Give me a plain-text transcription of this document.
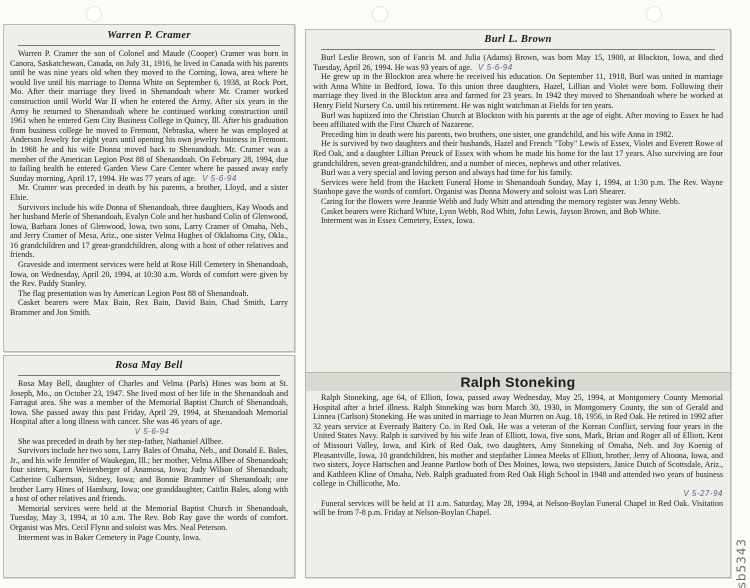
Warren P. Cramer

Warren P. Cramer the son of Colonel and Maude (Cooper) Cramer was born in Canora, Saskatchewan, Canada, on July 31, 1916, he lived in Canada with his parents until he was nine years old when they moved to the Corning, Iowa, area where he would live until his marriage to Donna White on September 6, 1938, at Rock Port, Mo. After their marriage they lived in Shenandoah where Mr. Cramer worked construction until World War II when he entered the Army. After six years in the Army he returned to Shenandoah where he continued working construction until 1961 when he entered Gem City Business College in Quincy, Ill. After his graduation from business college he moved to Fremont, Nebraska, where he was employed at Anderson Jewelry for eight years until opening his own jewelry business in Fremont. In 1968 he and his wife Donna moved back to Shenandoah. Mr. Cramer was a member of the American Legion Post 88 of Shenandoah. On February 28, 1994, due to failing health he entered Garden View Care Center where he passed away early Sunday morning, April 17, 1994. He was 77 years of age. V 5-6-94

Mr. Cramer was preceded in death by his parents, a brother, Lloyd, and a sister Elsie.

Survivors include his wife Donna of Shenandoah, three daughters, Kay Woods and her husband Merle of Shenandoah, Evalyn Cole and her husband Colin of Glenwood, Iowa, Barbara Jones of Glenwood, Iowa, two sons, Larry Cramer of Omaha, Neb., and Jerry Cramer of Mesa, Ariz., one sister Velma Hughes of Oklahoma City, Okla., 16 grandchildren and 17 great-grandchildren, along with a host of other relatives and friends.

Graveside and interment services were held at Rose Hill Cemetery in Shenandoah, Iowa, on Wednesday, April 20, 1994, at 10:30 a.m. Words of comfort were given by the Rev. Paddy Stanley.

The flag presentation was by American Legion Post 88 of Shenandoah.

Casket bearers were Max Bain, Rex Bain, David Bain, Chad Smith, Larry Brammer and Jon Smith.

Rosa May Bell

Rosa May Bell, daughter of Charles and Velma (Parls) Hines was born at St. Joseph, Mo., on October 23, 1947. She lived most of her life in the Shenandoah and Farragut area. She was a member of the Memorial Baptist Church of Shenandoah, Iowa. She passed away this past Friday, April 29, 1994, at Shenandoah Memorial Hospital after a long illness with cancer. She was 46 years of age.

V 5-6-94

She was preceded in death by her step-father, Nathaniel Allbee.

Survivors include her two sons, Larry Bales of Omaha, Neb., and Donald E. Bales, Jr., and his wife Jennifer of Waukegan, Ill.; her mother, Velma Allbee of Shenandoah; four sisters, Karen Weisenberger of Anamosa, Iowa; Judy Wilson of Shenandoah; Catherine Culbertson, Sidney, Iowa; and Bonnie Brammer of Shenandoah; one brother Larry Hines of Hamburg, Iowa; one granddaughter, Caitlin Bales, along with a host of other relatives and friends.

Memorial services were held at the Memorial Baptist Church in Shenandoah, Tuesday, May 3, 1994, at 10 a.m. The Rev. Bob Ray gave the words of comfort. Organist was Mrs. Cecil Flynn and soloist was Mrs. Neal Peterson.

Interment was in Baker Cemetery in Page County, Iowa.

Burl L. Brown

Burl Leslie Brown, son of Fancis M. and Julia (Adams) Brown, was born May 15, 1900, at Blockton, Iowa, and died Tuesday, April 26, 1994. He was 93 years of age. V 5-6-94

He grew up in the Blockton area where he received his education. On September 11, 1918, Burl was united in marriage with Anna White in Bedford, Iowa. To this union three daughters, Hazel, Lillian and Violet were born. Following their marriage they lived in the Blockton area and farmed for 23 years. In 1942 they moved to Shenandoah where he worked at Henry Field Nursery Co. until his retirement. He was night watchman at Fields for ten years.

Burl was baptized into the Christian Church at Blockton with his parents at the age of eight. After moving to Essex he had been affiliated with the First Church of Nazarene.

Preceding him in death were his parents, two brothers, one sister, one grandchild, and his wife Anna in 1982.

He is survived by two daughters and their husbands, Hazel and French "Toby" Lewis of Essex, Violet and Everett Rowe of Red Oak, and a daughter Lillian Preuck of Essex with whom he made his home for the last 17 years. Also surviving are four grandchildren, seven great-grandchildren, and a number of nieces, nephews and other relatives.

Burl was a very special and loving person and always had time for his family.

Services were held from the Hackett Funeral Home in Shenandoah Sunday, May 1, 1994, at 1:30 p.m. The Rev. Wayne Stanhope gave the words of comfort. Organist was Donna Mowery and soloist was Lori Shearer.

Caring for the flowers were Jeannie Webb and Judy Whitt and attending the memory register was Jenny Webb.

Casket bearers were Richard White, Lynn Webb, Rod Whitt, John Lewis, Jayson Brown, and Bob White.

Interment was in Essex Cemetery, Essex, Iowa.

Ralph Stoneking

Ralph Stoneking, age 64, of Elliott, Iowa, passed away Wednesday, May 25, 1994, at Montgomery County Memorial Hospital after a brief illness. Ralph Stoneking was born March 30, 1930, in Montgomery County, the son of Gerald and Linnea (Carlson) Stoneking. He was united in marriage to Jean Murren on Aug. 18, 1956, in Red Oak. He retired in 1992 after 32 years service at Eveready Battery Co. in Red Oak. He was a veteran of the Korean Conflict, serving four years in the United States Navy. Ralph is survived by his wife Jean of Elliott, Iowa, five sons, Mark, Brian and Roger all of Elliott, Kent of Missouri Valley, Iowa, and Kirk of Red Oak, two daughters, Amy Stoneking of Omaha, Neb. and Joy Koenig of Pleasantville, Iowa, 10 grandchildren, his mother and stepfather Linnea Meeks of Elliott, brother, Jerry of Altoona, Iowa, and two sisters, Joyce Hartschen and Jeanne Partlow both of Des Moines, Iowa, two stepsisters, Janice Dutch of Scottsdale, Ariz., and Kathleen Kline of Omaha, Neb. Ralph graduated from Red Oak High School in 1948 and attended two years of business college in Chillicothe, Mo.

V 5-27-94

Funeral services will be held at 11 a.m. Saturday, May 28, 1994, at Nelson-Boylan Funeral Chapel in Red Oak. Visitation will be from 7-8 p.m. Friday at Nelson-Boylan Chapel.

sb5343
